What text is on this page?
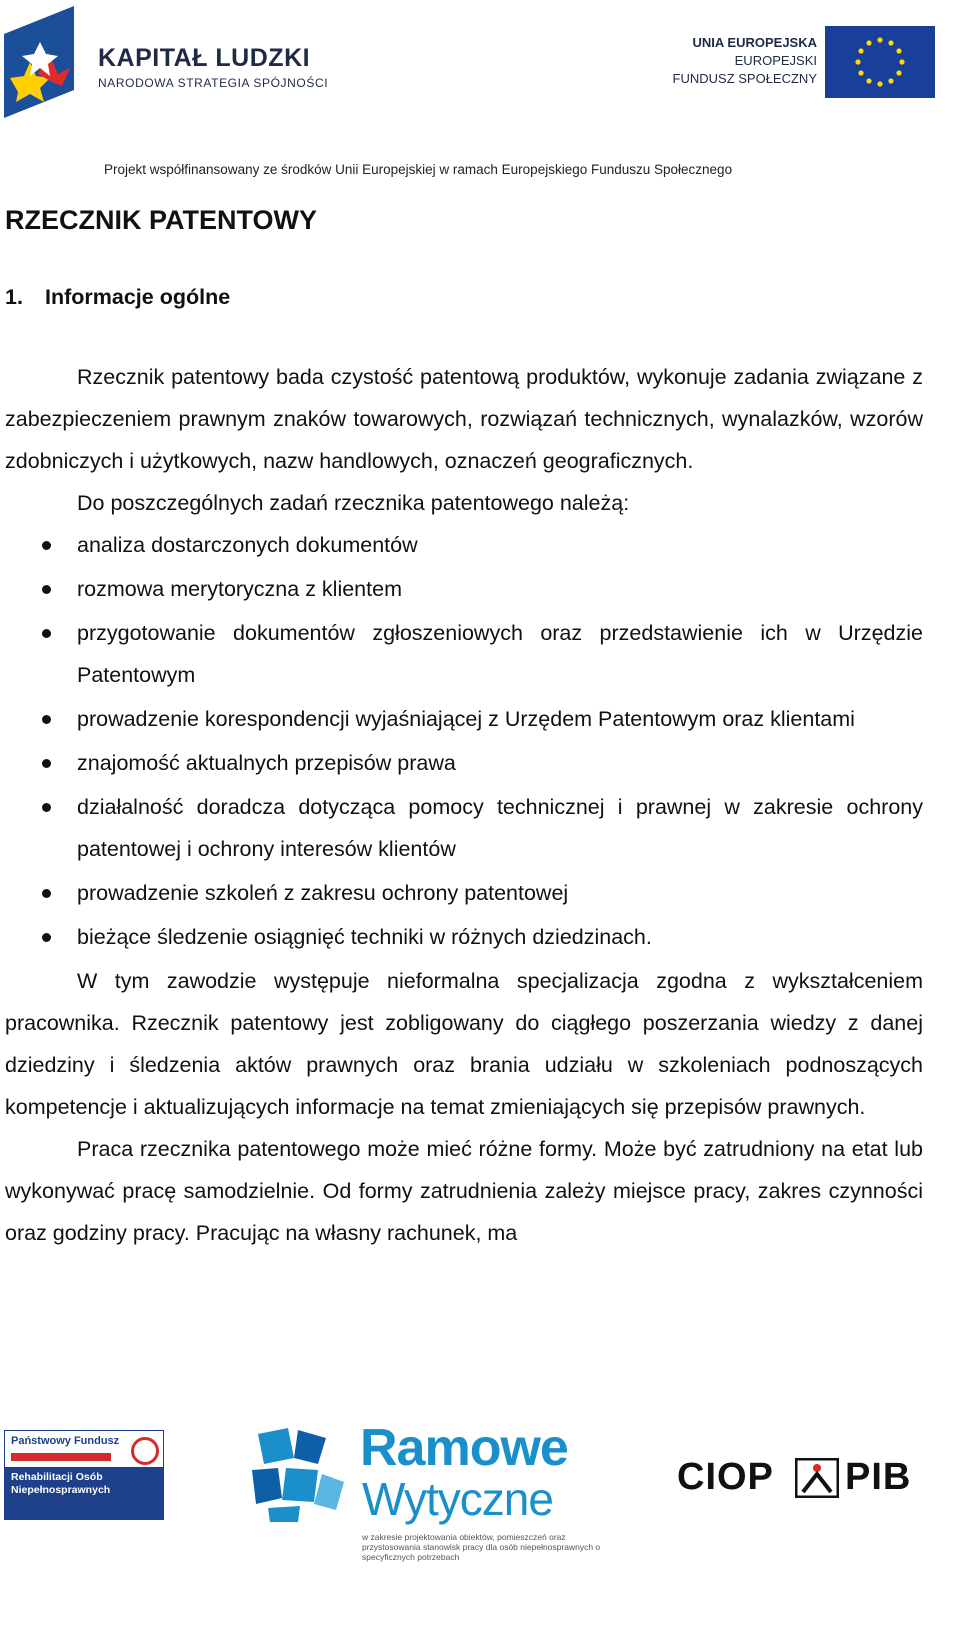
KAPITAŁ LUDZKI

NARODOWA STRATEGIA SPÓJNOŚCI

UNIA EUROPEJSKA
EUROPEJSKI
FUNDUSZ SPOŁECZNY

Projekt współfinansowany ze środków Unii Europejskiej w ramach Europejskiego Funduszu Społecznego

RZECZNIK PATENTOWY
1. Informacje ogólne

Rzecznik patentowy bada czystość patentową produktów, wykonuje zadania związane z zabezpieczeniem prawnym znaków towarowych, rozwiązań technicznych, wynalazków, wzorów zdobniczych i użytkowych, nazw handlowych, oznaczeń geograficznych.

Do poszczególnych zadań rzecznika patentowego należą:

analiza dostarczonych dokumentów
rozmowa merytoryczna z klientem
przygotowanie dokumentów zgłoszeniowych oraz przedstawienie ich w Urzędzie Patentowym
prowadzenie korespondencji wyjaśniającej z Urzędem Patentowym oraz klientami
znajomość aktualnych przepisów prawa
działalność doradcza dotycząca pomocy technicznej i prawnej w zakresie ochrony patentowej i ochrony interesów klientów
prowadzenie szkoleń z zakresu ochrony patentowej
bieżące śledzenie osiągnięć techniki w różnych dziedzinach.

W tym zawodzie występuje nieformalna specjalizacja zgodna z wykształceniem pracownika. Rzecznik patentowy jest zobligowany do ciągłego poszerzania wiedzy z danej dziedziny i śledzenia aktów prawnych oraz brania udziału w szkoleniach podnoszących kompetencje i aktualizujących informacje na temat zmieniających się przepisów prawnych.

Praca rzecznika patentowego może mieć różne formy. Może być zatrudniony na etat lub wykonywać pracę samodzielnie. Od formy zatrudnienia zależy miejsce pracy, zakres czynności oraz godziny pracy. Pracując na własny rachunek, ma

Państwowy Fundusz

Rehabilitacji Osób
Niepełnosprawnych

Ramowe

Wytyczne

w zakresie projektowania obiektów, pomieszczeń oraz przystosowania stanowisk pracy dla osób niepełnosprawnych o specyficznych potrzebach

CIOP PIB
